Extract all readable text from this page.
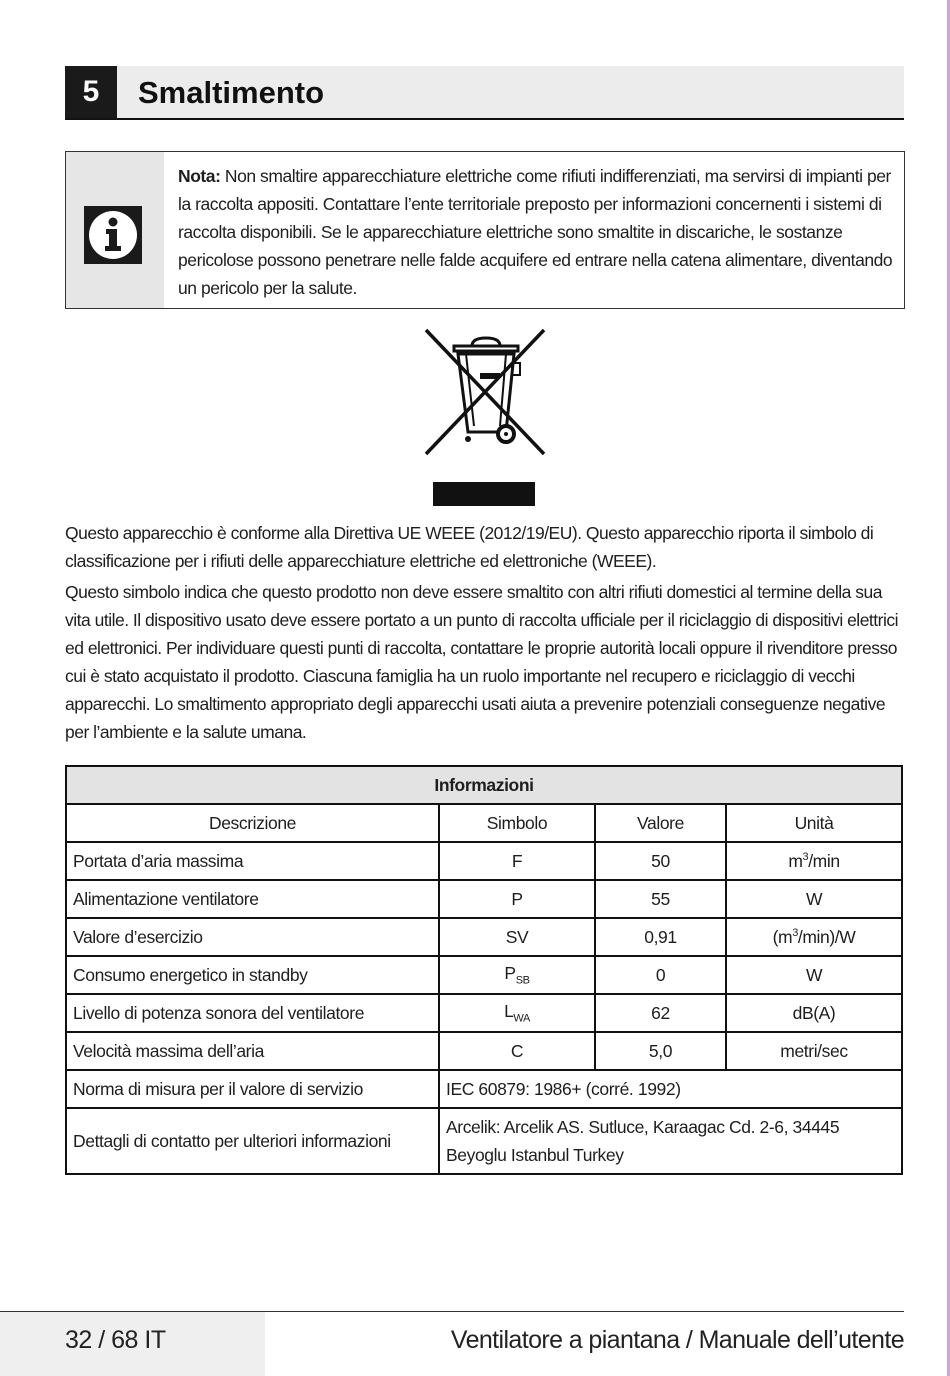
5	Smaltimento
Nota: Non smaltire apparecchiature elettriche come rifiuti indifferenziati, ma servirsi di impianti per la raccolta appositi. Contattare l’ente territoriale preposto per informazioni concernenti i sistemi di raccolta disponibili. Se le apparecchiature elettriche sono smaltite in discariche, le sostanze pericolose possono penetrare nelle falde acquifere ed entrare nella catena alimentare, diventando un pericolo per la salute.
Questo apparecchio è conforme alla Direttiva UE WEEE (2012/19/EU). Questo apparecchio riporta il simbolo di classificazione per i rifiuti delle apparecchiature elettriche ed elettroniche (WEEE).
Questo simbolo indica che questo prodotto non deve essere smaltito con altri rifiuti domestici al termine della sua vita utile. Il dispositivo usato deve essere portato a un punto di raccolta ufficiale per il riciclaggio di dispositivi elettrici ed elettronici. Per individuare questi punti di raccolta, contattare le proprie autorità locali oppure il rivenditore presso cui è stato acquistato il prodotto. Ciascuna famiglia ha un ruolo importante nel recupero e riciclaggio di vecchi apparecchi. Lo smaltimento appropriato degli apparecchi usati aiuta a prevenire potenziali conseguenze negative per l’ambiente e la salute umana.
Informazioni			
Descrizione	Simbolo	Valore	Unità
Portata d’aria massima	F	50	$m^3/\min$
Alimentazione ventilatore	P	55	W
Valore d’esercizio	SV	0,91	$(m^3/\min)/W$
Consumo energetico in standby	$P_{SB}$	0	W
Livello di potenza sonora del ventilatore	$L_{WA}$	62	dB(A)
Velocità massima dell’aria	C	5,0	metri/sec
Norma di misura per il valore di servizio	IEC 60879: 1986+ (corré. 1992)		
Dettagli di contatto per ulteriori informazioni	Arcelik: Arcelik AS. Sutluce, Karaagac Cd. 2-6, 34445 Beyoglu Istanbul Turkey		
32 / 68 IT	Ventilatore a piantana / Manuale dell’utente
